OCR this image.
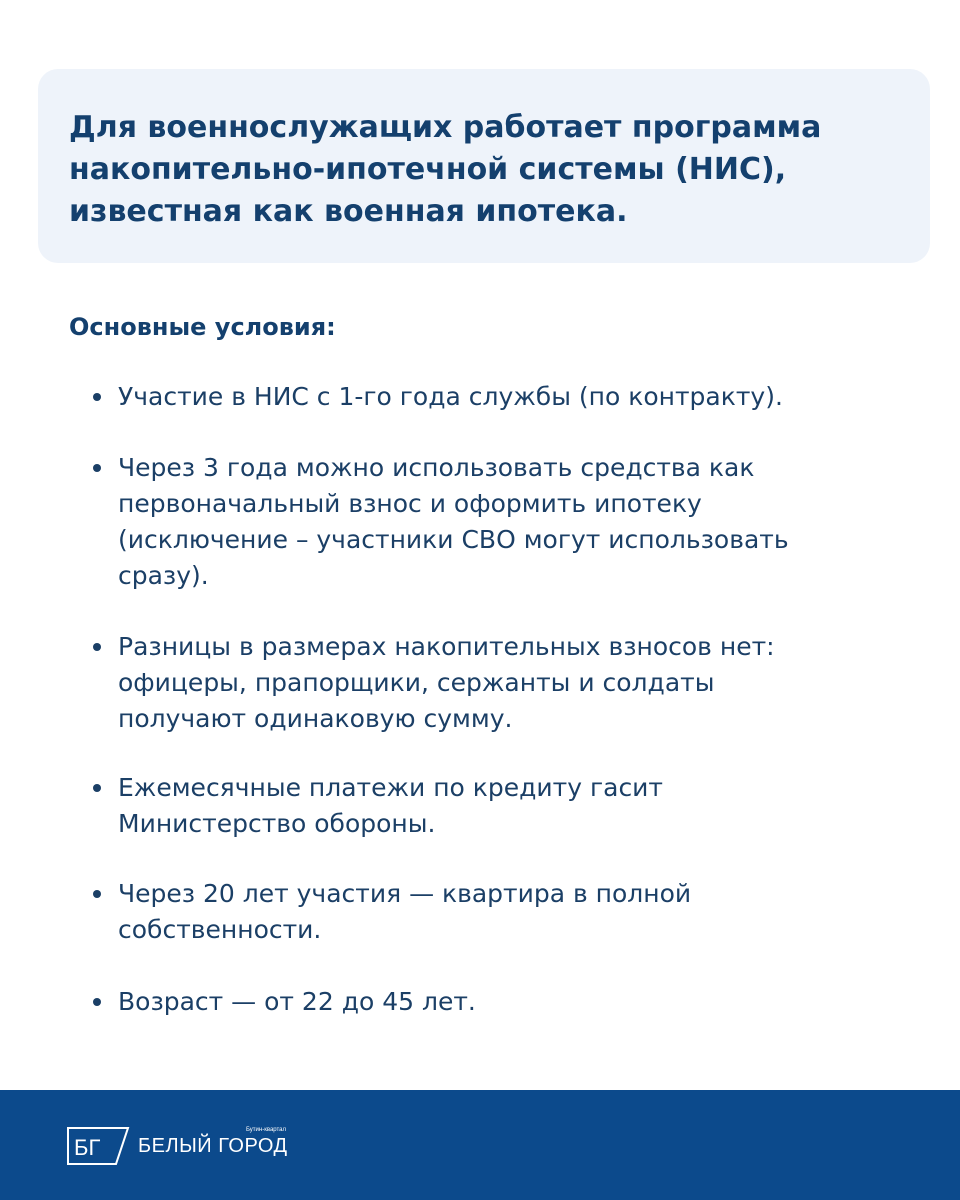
Для военнослужащих работает программа
накопительно-ипотечной системы (НИС),
известная как военная ипотека.
Основные условия:
Участие в НИС с 1-го года службы (по контракту).
Через 3 года можно использовать средства как
первоначальный взнос и оформить ипотеку
(исключение – участники СВО могут использовать
сразу).
Разницы в размерах накопительных взносов нет:
офицеры, прапорщики, сержанты и солдаты
получают одинаковую сумму.
Ежемесячные платежи по кредиту гасит
Министерство обороны.
Через 20 лет участия — квартира в полной
собственности.
Возраст — от 22 до 45 лет.
БГ
Бутин-квартал
БЕЛЫЙ ГОРОД
